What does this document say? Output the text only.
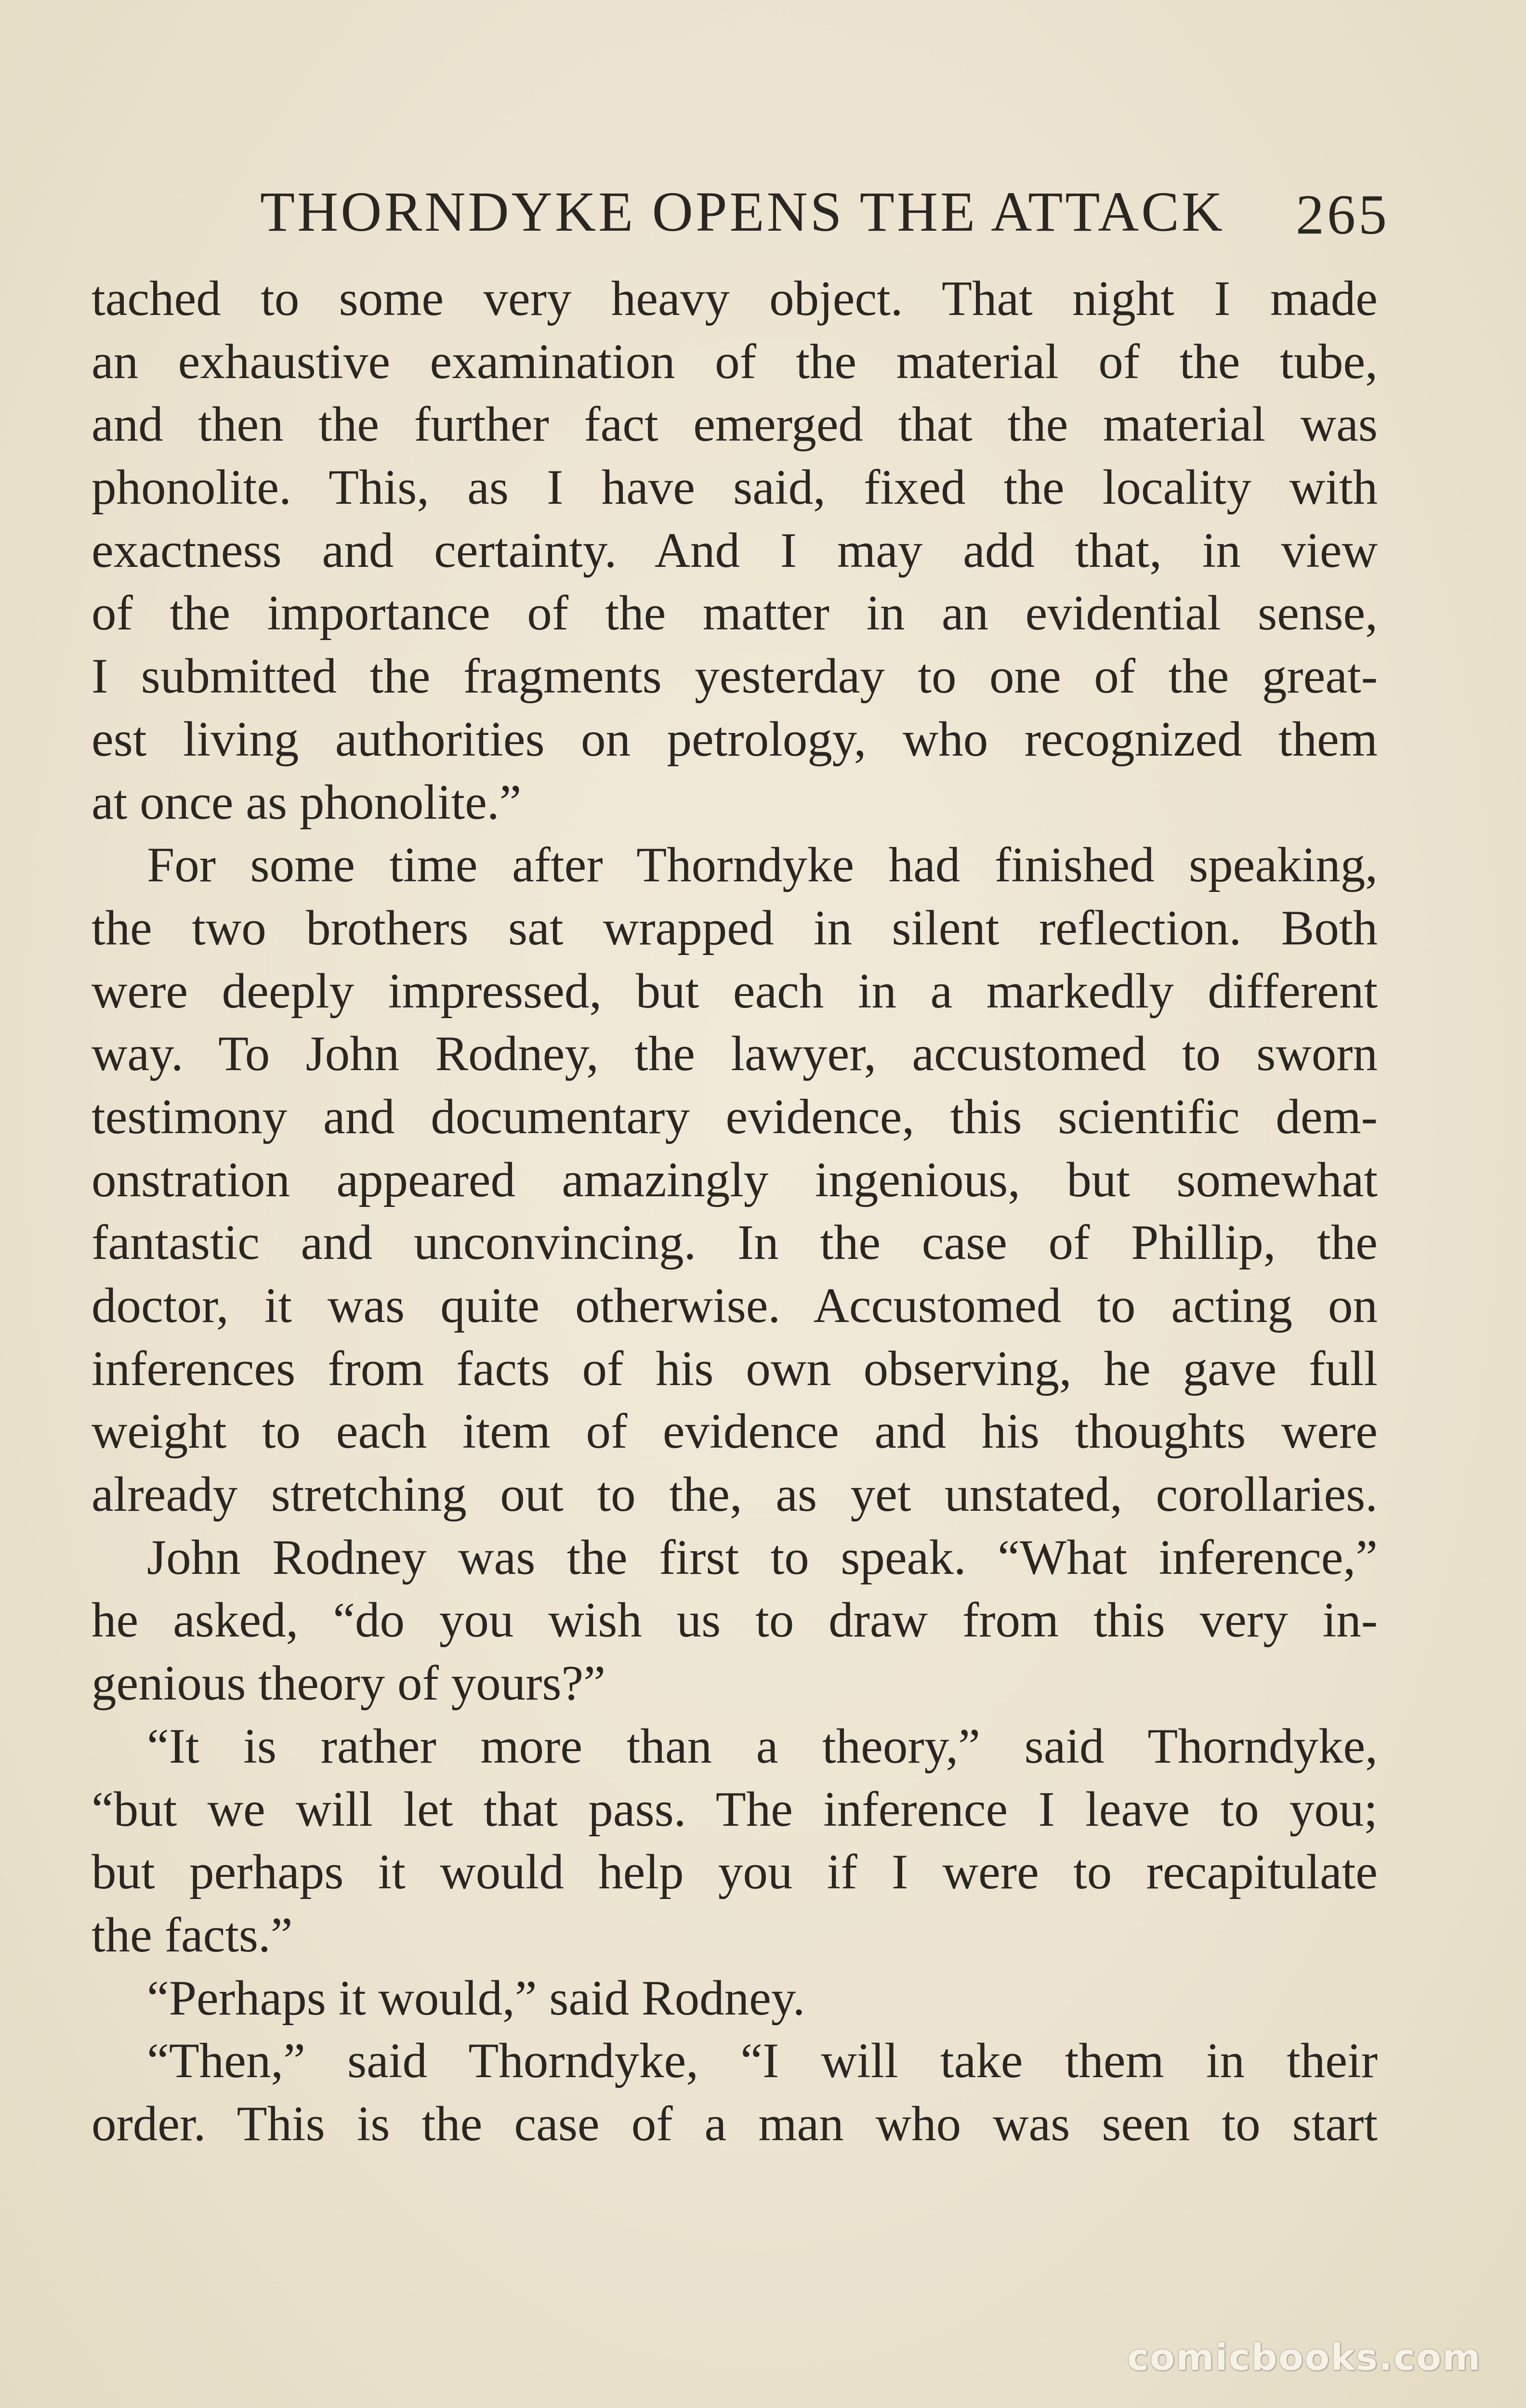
THORNDYKE OPENS THE ATTACK 265
tached to some very heavy object. That night I made
an exhaustive examination of the material of the tube,
and then the further fact emerged that the material was
phonolite. This, as I have said, fixed the locality with
exactness and certainty. And I may add that, in view
of the importance of the matter in an evidential sense,
I submitted the fragments yesterday to one of the great-
est living authorities on petrology, who recognized them
at once as phonolite.”
For some time after Thorndyke had finished speaking,
the two brothers sat wrapped in silent reflection. Both
were deeply impressed, but each in a markedly different
way. To John Rodney, the lawyer, accustomed to sworn
testimony and documentary evidence, this scientific dem-
onstration appeared amazingly ingenious, but somewhat
fantastic and unconvincing. In the case of Phillip, the
doctor, it was quite otherwise. Accustomed to acting on
inferences from facts of his own observing, he gave full
weight to each item of evidence and his thoughts were
already stretching out to the, as yet unstated, corollaries.
John Rodney was the first to speak. “What inference,”
he asked, “do you wish us to draw from this very in-
genious theory of yours?”
“It is rather more than a theory,” said Thorndyke,
“but we will let that pass. The inference I leave to you;
but perhaps it would help you if I were to recapitulate
the facts.”
“Perhaps it would,” said Rodney.
“Then,” said Thorndyke, “I will take them in their
order. This is the case of a man who was seen to start
comicbooks.com
